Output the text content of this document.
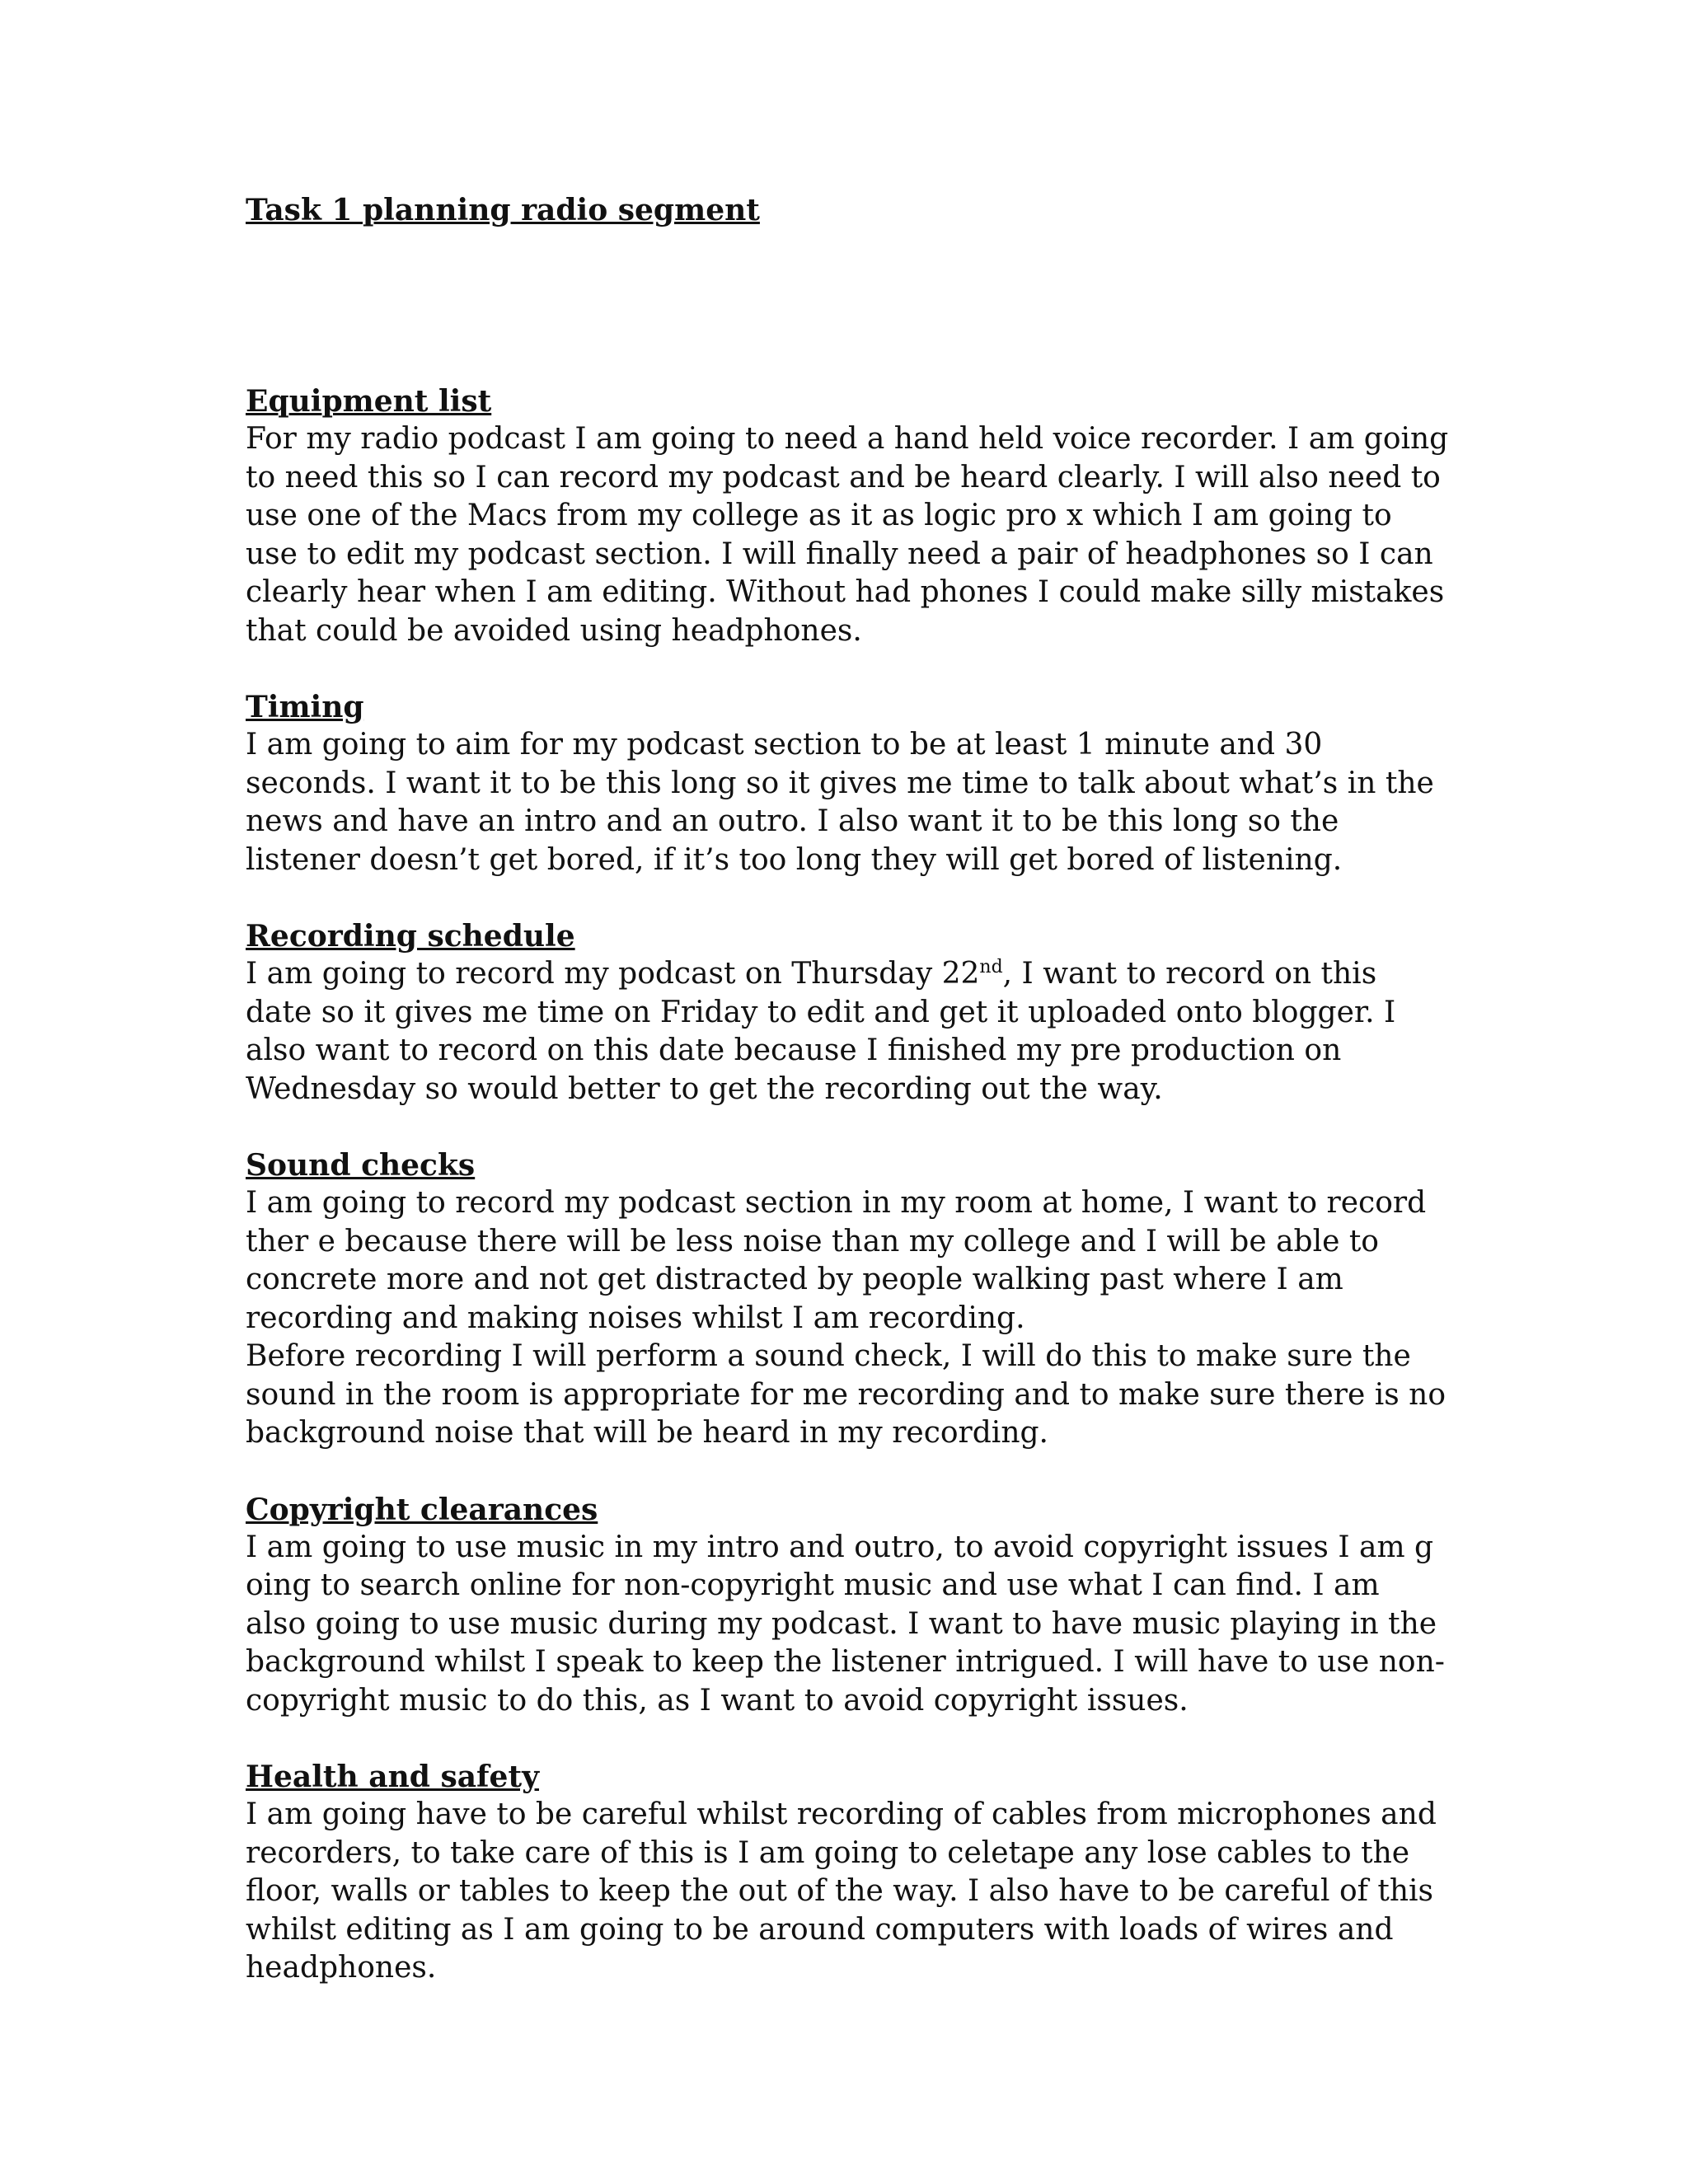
Task 1 planning radio segment

Equipment list

For my radio podcast I am going to need a hand held voice recorder. I am going to need this so I can record my podcast and be heard clearly. I will also need to use one of the Macs from my college as it as logic pro x which I am going to use to edit my podcast section. I will finally need a pair of headphones so I can clearly hear when I am editing. Without had phones I could make silly mistakes that could be avoided using headphones.

Timing

I am going to aim for my podcast section to be at least 1 minute and 30 seconds. I want it to be this long so it gives me time to talk about what’s in the news and have an intro and an outro. I also want it to be this long so the listener doesn’t get bored, if it’s too long they will get bored of listening.

Recording schedule

I am going to record my podcast on Thursday 22nd, I want to record on this date so it gives me time on Friday to edit and get it uploaded onto blogger. I also want to record on this date because I finished my pre production on Wednesday so would better to get the recording out the way.

Sound checks

I am going to record my podcast section in my room at home, I want to record ther e because there will be less noise than my college and I will be able to concrete more and not get distracted by people walking past where I am recording and making noises whilst I am recording.

Before recording I will perform a sound check, I will do this to make sure the sound in the room is appropriate for me recording and to make sure there is no background noise that will be heard in my recording.

Copyright clearances

I am going to use music in my intro and outro, to avoid copyright issues I am g oing to search online for non-copyright music and use what I can find. I am also going to use music during my podcast. I want to have music playing in the background whilst I speak to keep the listener intrigued. I will have to use non-copyright music to do this, as I want to avoid copyright issues.

Health and safety

I am going have to be careful whilst recording of cables from microphones and recorders, to take care of this is I am going to celetape any lose cables to the floor, walls or tables to keep the out of the way. I also have to be careful of this whilst editing as I am going to be around computers with loads of wires and headphones.
